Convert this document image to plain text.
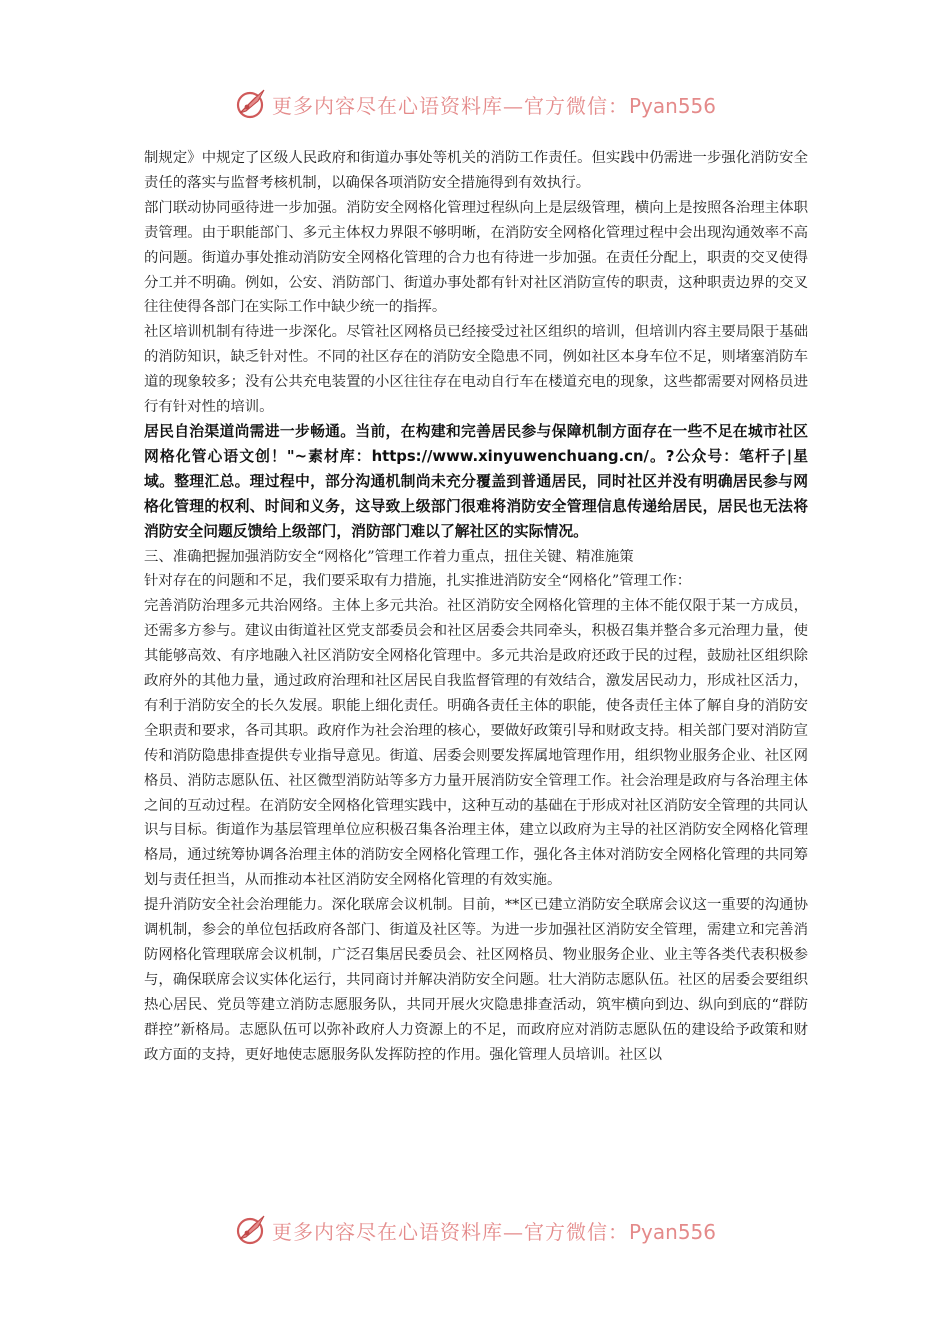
更多内容尽在心语资料库—官方微信：Pyan556

制规定》中规定了区级人民政府和街道办事处等机关的消防工作责任。但实践中仍需进一步强化消防安全责任的落实与监督考核机制，以确保各项消防安全措施得到有效执行。

部门联动协同亟待进一步加强。消防安全网格化管理过程纵向上是层级管理，横向上是按照各治理主体职责管理。由于职能部门、多元主体权力界限不够明晰，在消防安全网格化管理过程中会出现沟通效率不高的问题。街道办事处推动消防安全网格化管理的合力也有待进一步加强。在责任分配上，职责的交叉使得分工并不明确。例如，公安、消防部门、街道办事处都有针对社区消防宣传的职责，这种职责边界的交叉往往使得各部门在实际工作中缺少统一的指挥。

社区培训机制有待进一步深化。尽管社区网格员已经接受过社区组织的培训，但培训内容主要局限于基础的消防知识，缺乏针对性。不同的社区存在的消防安全隐患不同，例如社区本身车位不足，则堵塞消防车道的现象较多；没有公共充电装置的小区往往存在电动自行车在楼道充电的现象，这些都需要对网格员进行有针对性的培训。

居民自治渠道尚需进一步畅通。当前，在构建和完善居民参与保障机制方面存在一些不足在城市社区网格化管心语文创！"~素材库：https://www.xinyuwenchuang.cn/。?公众号：笔杆子|星域。整理汇总。理过程中，部分沟通机制尚未充分覆盖到普通居民，同时社区并没有明确居民参与网格化管理的权利、时间和义务，这导致上级部门很难将消防安全管理信息传递给居民，居民也无法将消防安全问题反馈给上级部门，消防部门难以了解社区的实际情况。

三、准确把握加强消防安全“网格化”管理工作着力重点，扭住关键、精准施策

针对存在的问题和不足，我们要采取有力措施，扎实推进消防安全“网格化”管理工作：

完善消防治理多元共治网络。主体上多元共治。社区消防安全网格化管理的主体不能仅限于某一方成员，还需多方参与。建议由街道社区党支部委员会和社区居委会共同牵头，积极召集并整合多元治理力量，使其能够高效、有序地融入社区消防安全网格化管理中。多元共治是政府还政于民的过程，鼓励社区组织除政府外的其他力量，通过政府治理和社区居民自我监督管理的有效结合，激发居民动力，形成社区活力，有利于消防安全的长久发展。职能上细化责任。明确各责任主体的职能，使各责任主体了解自身的消防安全职责和要求，各司其职。政府作为社会治理的核心，要做好政策引导和财政支持。相关部门要对消防宣传和消防隐患排查提供专业指导意见。街道、居委会则要发挥属地管理作用，组织物业服务企业、社区网格员、消防志愿队伍、社区微型消防站等多方力量开展消防安全管理工作。社会治理是政府与各治理主体之间的互动过程。在消防安全网格化管理实践中，这种互动的基础在于形成对社区消防安全管理的共同认识与目标。街道作为基层管理单位应积极召集各治理主体，建立以政府为主导的社区消防安全网格化管理格局，通过统筹协调各治理主体的消防安全网格化管理工作，强化各主体对消防安全网格化管理的共同筹划与责任担当，从而推动本社区消防安全网格化管理的有效实施。

提升消防安全社会治理能力。深化联席会议机制。目前，**区已建立消防安全联席会议这一重要的沟通协调机制，参会的单位包括政府各部门、街道及社区等。为进一步加强社区消防安全管理，需建立和完善消防网格化管理联席会议机制，广泛召集居民委员会、社区网格员、物业服务企业、业主等各类代表积极参与，确保联席会议实体化运行，共同商讨并解决消防安全问题。壮大消防志愿队伍。社区的居委会要组织热心居民、党员等建立消防志愿服务队，共同开展火灾隐患排查活动，筑牢横向到边、纵向到底的“群防群控”新格局。志愿队伍可以弥补政府人力资源上的不足，而政府应对消防志愿队伍的建设给予政策和财政方面的支持，更好地使志愿服务队发挥防控的作用。强化管理人员培训。社区以

更多内容尽在心语资料库—官方微信：Pyan556
